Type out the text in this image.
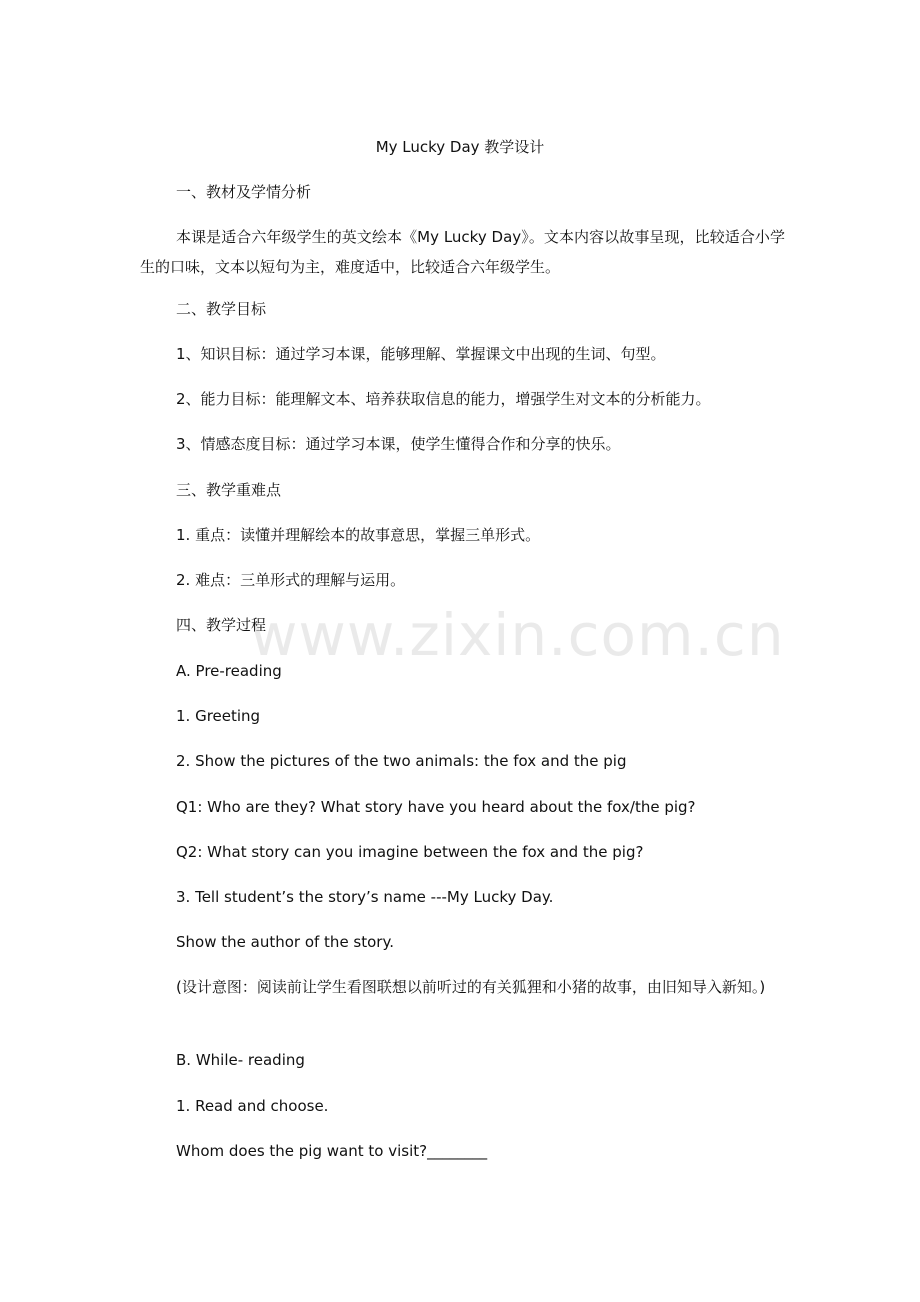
www.zixin.com.cn
My Lucky Day 教学设计
一、教材及学情分析
本课是适合六年级学生的英文绘本《My Lucky Day》。文本内容以故事呈现，比较适合小学生的口味，文本以短句为主，难度适中，比较适合六年级学生。
二、教学目标
1、知识目标：通过学习本课，能够理解、掌握课文中出现的生词、句型。
2、能力目标：能理解文本、培养获取信息的能力，增强学生对文本的分析能力。
3、情感态度目标：通过学习本课，使学生懂得合作和分享的快乐。
三、教学重难点
1. 重点：读懂并理解绘本的故事意思，掌握三单形式。
2. 难点：三单形式的理解与运用。
四、教学过程
A. Pre-reading
1. Greeting
2. Show the pictures of the two animals: the fox and the pig
Q1: Who are they? What story have you heard about the fox/the pig?
Q2: What story can you imagine between the fox and the pig?
3. Tell student’s the story’s name ---My Lucky Day.
Show the author of the story.
(设计意图：阅读前让学生看图联想以前听过的有关狐狸和小猪的故事，由旧知导入新知。)
B. While- reading
1. Read and choose.
Whom does the pig want to visit?________
